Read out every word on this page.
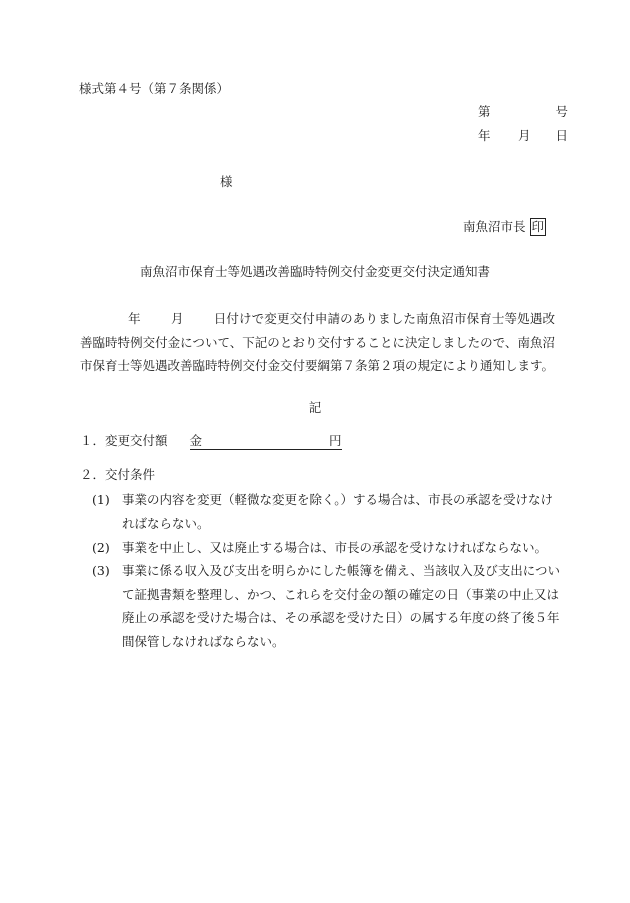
様式第４号（第７条関係）
第	号
年 月 日
様
南魚沼市長 印
南魚沼市保育士等処遇改善臨時特例交付金変更交付決定通知書
年 月 日付けで変更交付申請のありました南魚沼市保育士等処遇改善臨時特例交付金について、下記のとおり交付することに決定しましたので、南魚沼市保育士等処遇改善臨時特例交付金交付要綱第７条第２項の規定により通知します。
記
１．変更交付額 金	円
２．交付条件
(1) 事業の内容を変更（軽微な変更を除く。）する場合は、市長の承認を受けなければならない。
(2) 事業を中止し、又は廃止する場合は、市長の承認を受けなければならない。
(3) 事業に係る収入及び支出を明らかにした帳簿を備え、当該収入及び支出について証拠書類を整理し、かつ、これらを交付金の額の確定の日（事業の中止又は廃止の承認を受けた場合は、その承認を受けた日）の属する年度の終了後５年間保管しなければならない。
